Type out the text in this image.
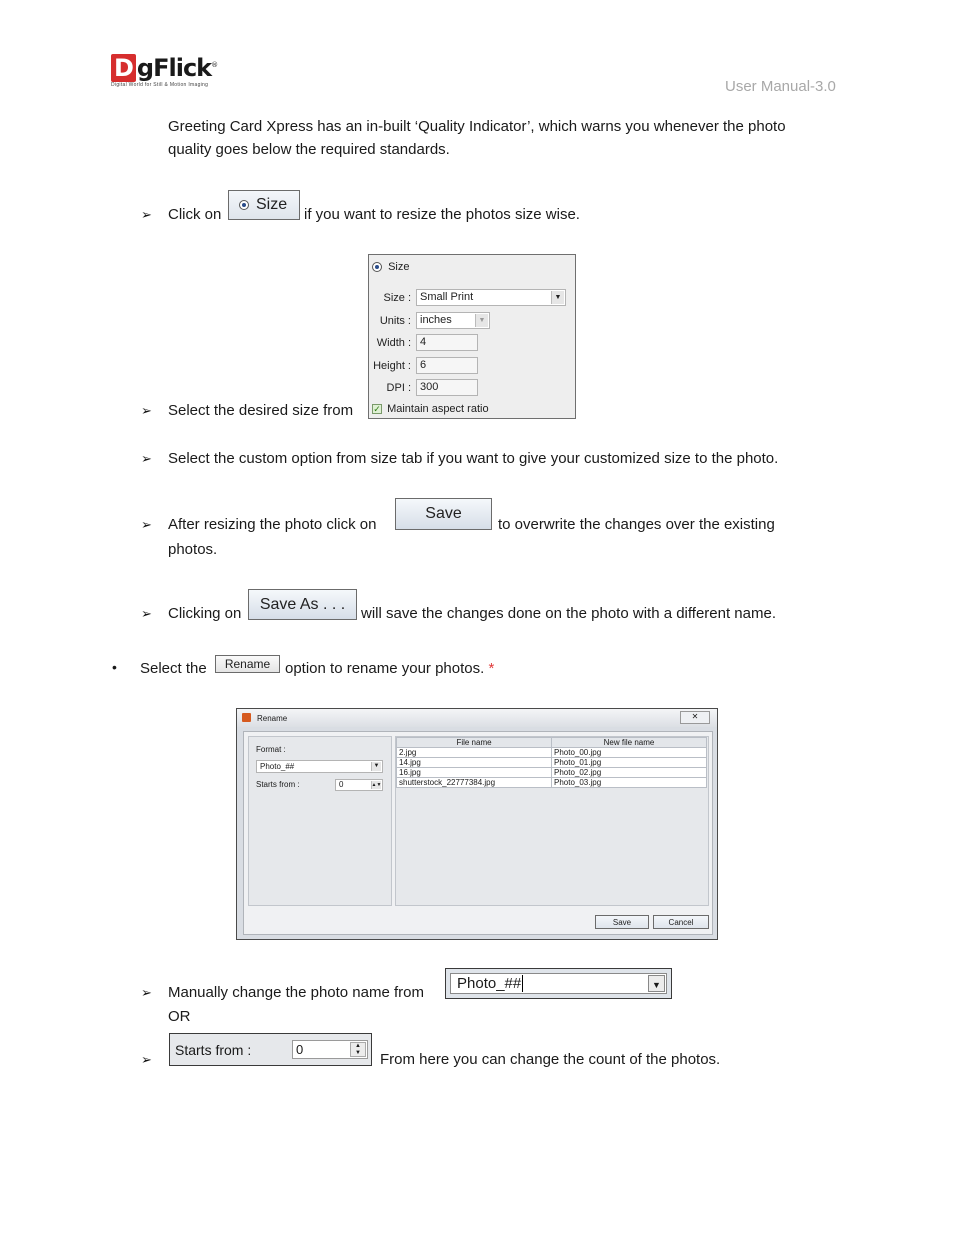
D gFlick®
Digital World for Still & Motion Imaging	User Manual-3.0
Greeting Card Xpress has an in-built ‘Quality Indicator’, which warns you whenever the photo
quality goes below the required standards.
➢ Click on
Size
if you want to resize the photos size wise.
Size
Size : Small Print	▼
Units : inches	▼
Width : 4
Height : 6
DPI : 300
✓ Maintain aspect ratio
➢ Select the desired size from
➢ Select the custom option from size tab if you want to give your customized size to the photo.
➢ After resizing the photo click on
Save
to overwrite the changes over the existing
photos.
➢ Clicking on
Save As . . .
will save the changes done on the photo with a different name.
• Select the Rename option to rename your photos. *
Rename	✕
Format :
Photo_##	▼
Starts from :	0	▲▼
File name	New file name
2.jpg	Photo_00.jpg
14.jpg	Photo_01.jpg
16.jpg	Photo_02.jpg
shutterstock_22777384.jpg	Photo_03.jpg
Save	Cancel
➢ Manually change the photo name from
Photo_##	▼
OR
➢
Starts from :	0	▲
▼	From here you can change the count of the photos.
